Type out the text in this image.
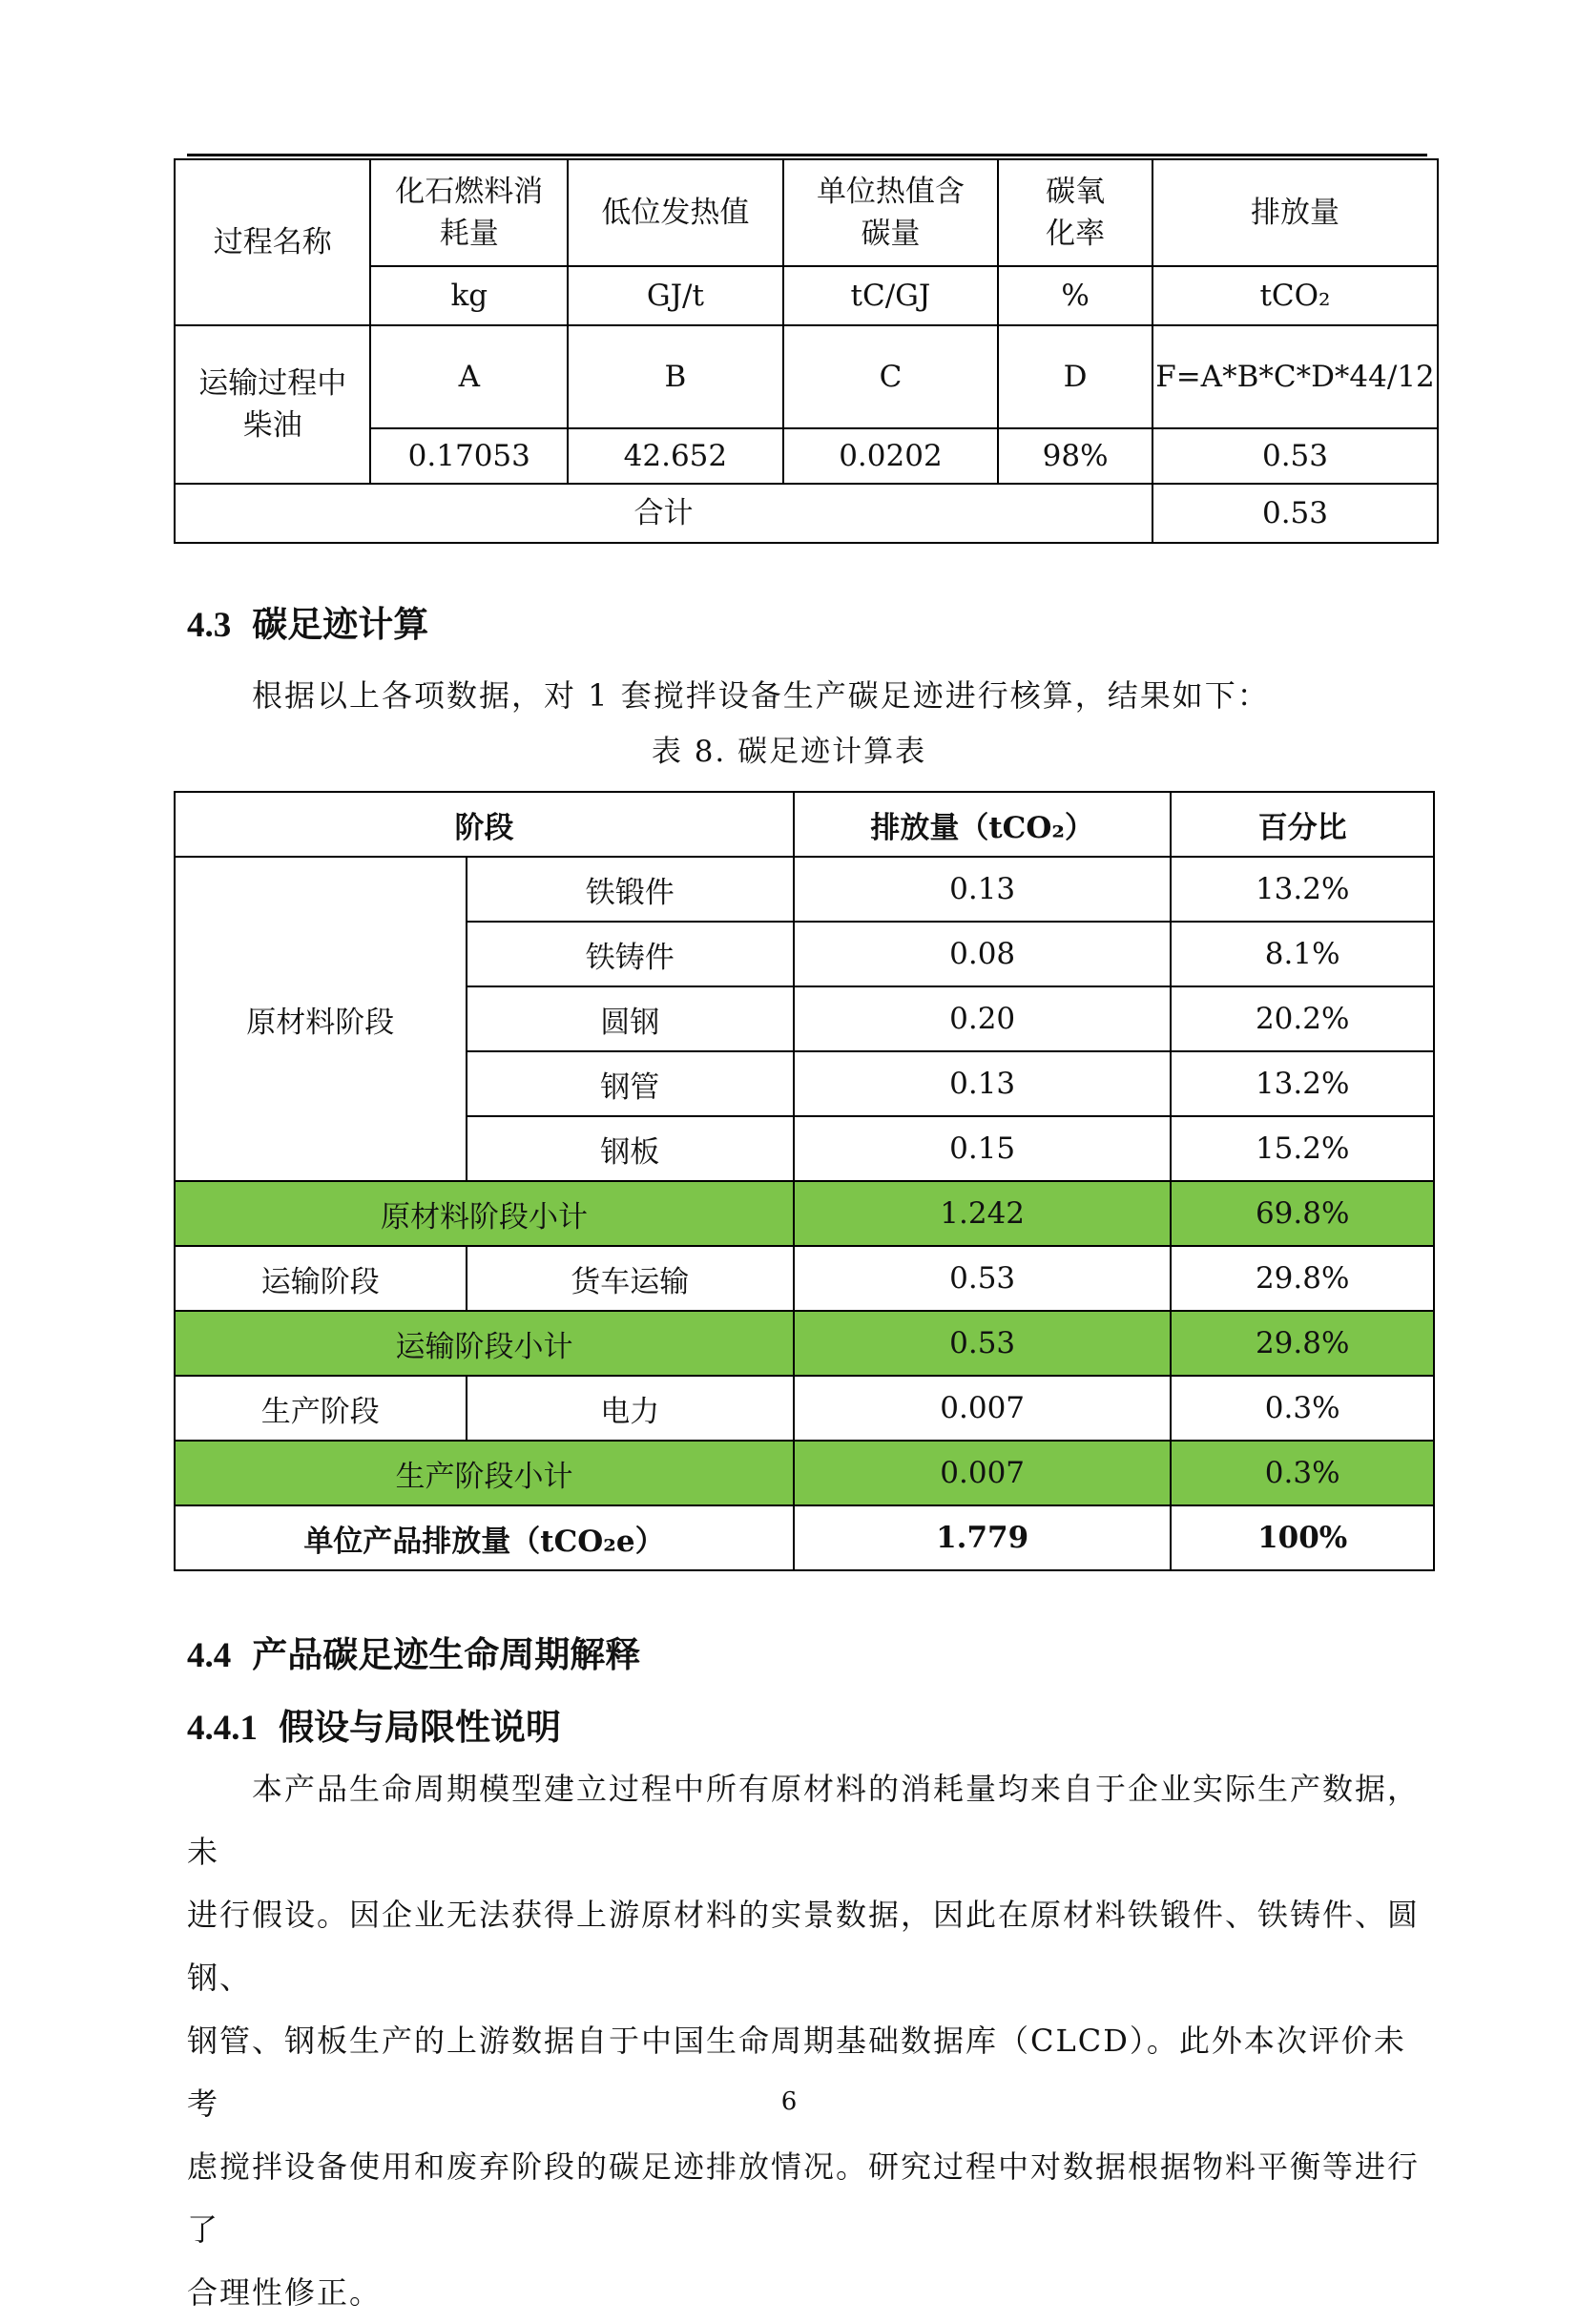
过程名称	化石燃料消耗量	低位发热值	单位热值含碳量	碳氧化率	排放量
	kg	GJ/t	tC/GJ	%	tCO₂
运输过程中柴油	A	B	C	D	F=A*B*C*D*44/12
	0.17053	42.652	0.0202	98%	0.53
合计					0.53
4.3 碳足迹计算
根据以上各项数据，对 1 套搅拌设备生产碳足迹进行核算，结果如下：
表 8. 碳足迹计算表
阶段		排放量（tCO₂）	百分比
原材料阶段	铁锻件	0.13	13.2%
	铁铸件	0.08	8.1%
	圆钢	0.20	20.2%
	钢管	0.13	13.2%
	钢板	0.15	15.2%
原材料阶段小计		1.242	69.8%
运输阶段	货车运输	0.53	29.8%
运输阶段小计		0.53	29.8%
生产阶段	电力	0.007	0.3%
生产阶段小计		0.007	0.3%
单位产品排放量（tCO₂e）		1.779	100%
4.4 产品碳足迹生命周期解释
4.4.1 假设与局限性说明
本产品生命周期模型建立过程中所有原材料的消耗量均来自于企业实际生产数据，未
进行假设。因企业无法获得上游原材料的实景数据，因此在原材料铁锻件、铁铸件、圆钢、
钢管、钢板生产的上游数据自于中国生命周期基础数据库（CLCD）。此外本次评价未考
虑搅拌设备使用和废弃阶段的碳足迹排放情况。研究过程中对数据根据物料平衡等进行了
合理性修正。
6
